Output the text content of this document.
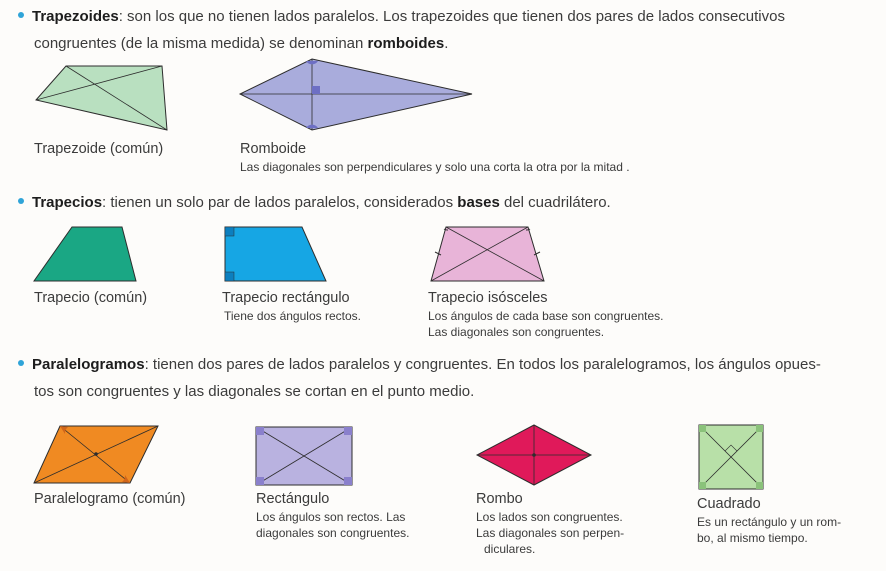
Trapezoides: son los que no tienen lados paralelos. Los trapezoides que tienen dos pares de lados consecutivos
congruentes (de la misma medida) se denominan romboides.
Trapezoide (común)	Romboide
Las diagonales son perpendiculares y solo una corta la otra por la mitad .
Trapecios: tienen un solo par de lados paralelos, considerados bases del cuadrilátero.
Trapecio (común)	Trapecio rectángulo
Tiene dos ángulos rectos.
Trapecio isósceles
Los ángulos de cada base son congruentes.
Las diagonales son congruentes.
Paralelogramos: tienen dos pares de lados paralelos y congruentes. En todos los paralelogramos, los ángulos opues-
tos son congruentes y las diagonales se cortan en el punto medio.
Paralelogramo (común)	Rectángulo
Los ángulos son rectos. Las
diagonales son congruentes.
Rombo
Los lados son congruentes.
Las diagonales son perpen-
diculares.
Cuadrado
Es un rectángulo y un rom-
bo, al mismo tiempo.
